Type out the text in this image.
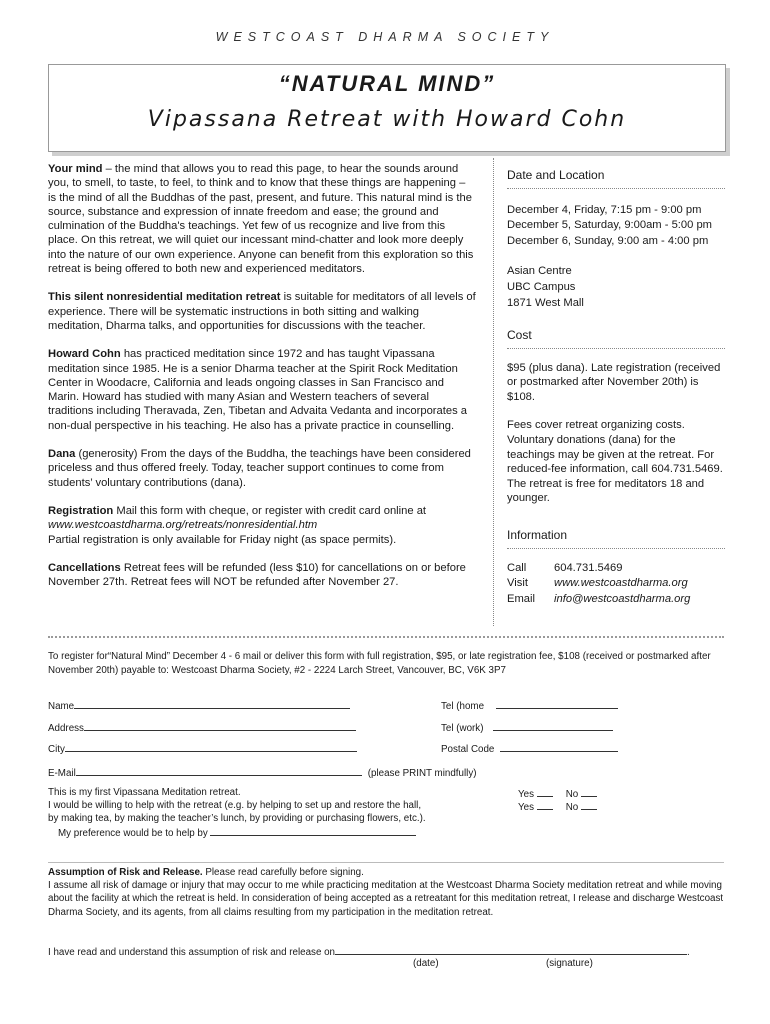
WESTCOAST DHARMA SOCIETY
“NATURAL MIND”
Vipassana Retreat with Howard Cohn

Your mind – the mind that allows you to read this page, to hear the sounds around you, to smell, to taste, to feel, to think and to know that these things are happening – is the mind of all the Buddhas of the past, present, and future. This natural mind is the source, substance and expression of innate freedom and ease; the ground and culmination of the Buddha's teachings. Yet few of us recognize and live from this place. On this retreat, we will quiet our incessant mind-chatter and look more deeply into the nature of our own experience. Anyone can benefit from this exploration so this retreat is being offered to both new and experienced meditators.

This silent nonresidential meditation retreat is suitable for meditators of all levels of experience. There will be systematic instructions in both sitting and walking meditation, Dharma talks, and opportunities for discussions with the teacher.

Howard Cohn has practiced meditation since 1972 and has taught Vipassana meditation since 1985. He is a senior Dharma teacher at the Spirit Rock Meditation Center in Woodacre, California and leads ongoing classes in San Francisco and Marin. Howard has studied with many Asian and Western teachers of several traditions including Theravada, Zen, Tibetan and Advaita Vedanta and incorporates a non-dual perspective in his teaching. He also has a private practice in counselling.

Dana (generosity) From the days of the Buddha, the teachings have been considered priceless and thus offered freely. Today, teacher support continues to come from students’ voluntary contributions (dana).

Registration Mail this form with cheque, or register with credit card online at
www.westcoastdharma.org/retreats/nonresidential.htm
Partial registration is only available for Friday night (as space permits).

Cancellations Retreat fees will be refunded (less $10) for cancellations on or before November 27th. Retreat fees will NOT be refunded after November 27.

Date and Location
December 4, Friday, 7:15 pm - 9:00 pm
December 5, Saturday, 9:00am - 5:00 pm
December 6, Sunday, 9:00 am - 4:00 pm
Asian Centre
UBC Campus
1871 West Mall
Cost
$95 (plus dana). Late registration (received or postmarked after November 20th) is $108.
Fees cover retreat organizing costs. Voluntary donations (dana) for the teachings may be given at the retreat. For reduced-fee information, call 604.731.5469. The retreat is free for meditators 18 and younger.
Information
Call 604.731.5469
Visit www.westcoastdharma.org
Email info@westcoastdharma.org
To register for“Natural Mind” December 4 - 6 mail or deliver this form with full registration, $95, or late registration fee, $108 (received or postmarked after November 20th) payable to: Westcoast Dharma Society, #2 - 2224 Larch Street, Vancouver, BC, V6K 3P7
Name	Tel (home
Address	Tel (work)
City	Postal Code
E-Mail	(please PRINT mindfully)
This is my first Vipassana Meditation retreat.
I would be willing to help with the retreat (e.g. by helping to set up and restore the hall,
by making tea, by making the teacher’s lunch, by providing or purchasing flowers, etc.).
My preference would be to help by
Yes	No
Yes	No
Assumption of Risk and Release. Please read carefully before signing.
I assume all risk of damage or injury that may occur to me while practicing meditation at the Westcoast Dharma Society meditation retreat and while moving about the facility at which the retreat is held. In consideration of being accepted as a retreatant for this meditation retreat, I release and discharge Westcoast Dharma Society, and its agents, from all claims resulting from my participation in the meditation retreat.
I have read and understand this assumption of risk and release on	.
(date)	(signature)
